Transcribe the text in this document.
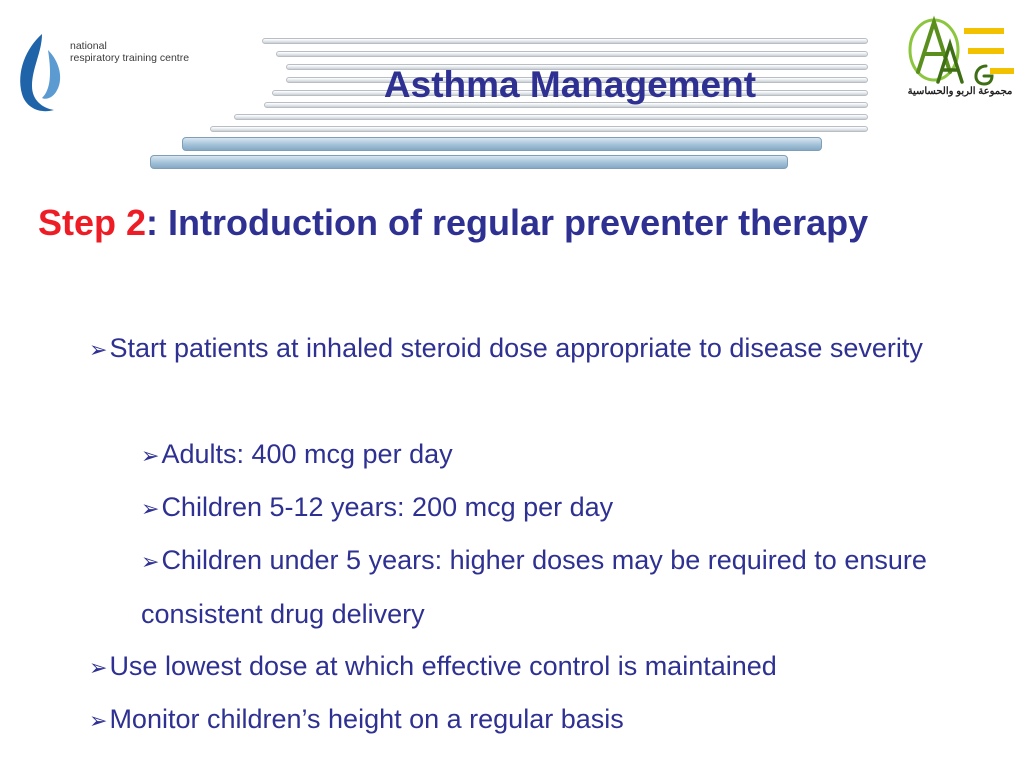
national
respiratory training centre
Asthma Management	مجموعة الربو والحساسية
Step 2: Introduction of regular preventer therapy
➢Start patients at inhaled steroid dose appropriate to disease severity
➢Adults: 400 mcg per day
➢Children 5-12 years: 200 mcg per day
➢Children under 5 years: higher doses may be required to ensure consistent drug delivery
➢Use lowest dose at which effective control is maintained
➢Monitor children’s height on a regular basis
